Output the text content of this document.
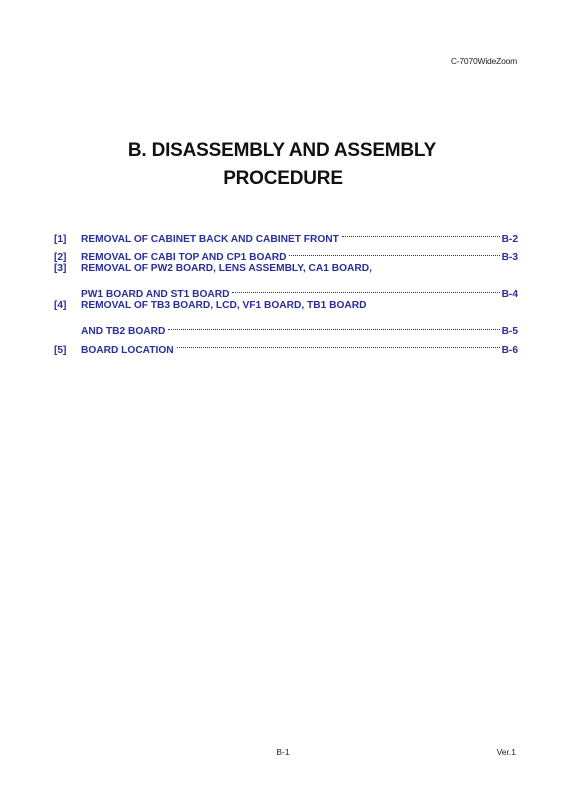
C-7070WideZoom
B. DISASSEMBLY AND ASSEMBLY
PROCEDURE
[1]	REMOVAL OF CABINET BACK AND CABINET FRONT	B-2
[2]	REMOVAL OF CABI TOP AND CP1 BOARD	B-3
[3]	REMOVAL OF PW2 BOARD, LENS ASSEMBLY, CA1 BOARD,
PW1 BOARD AND ST1 BOARD	B-4
[4]	REMOVAL OF TB3 BOARD, LCD, VF1 BOARD, TB1 BOARD
AND TB2 BOARD	B-5
[5]	BOARD LOCATION	B-6
B-1	Ver.1
